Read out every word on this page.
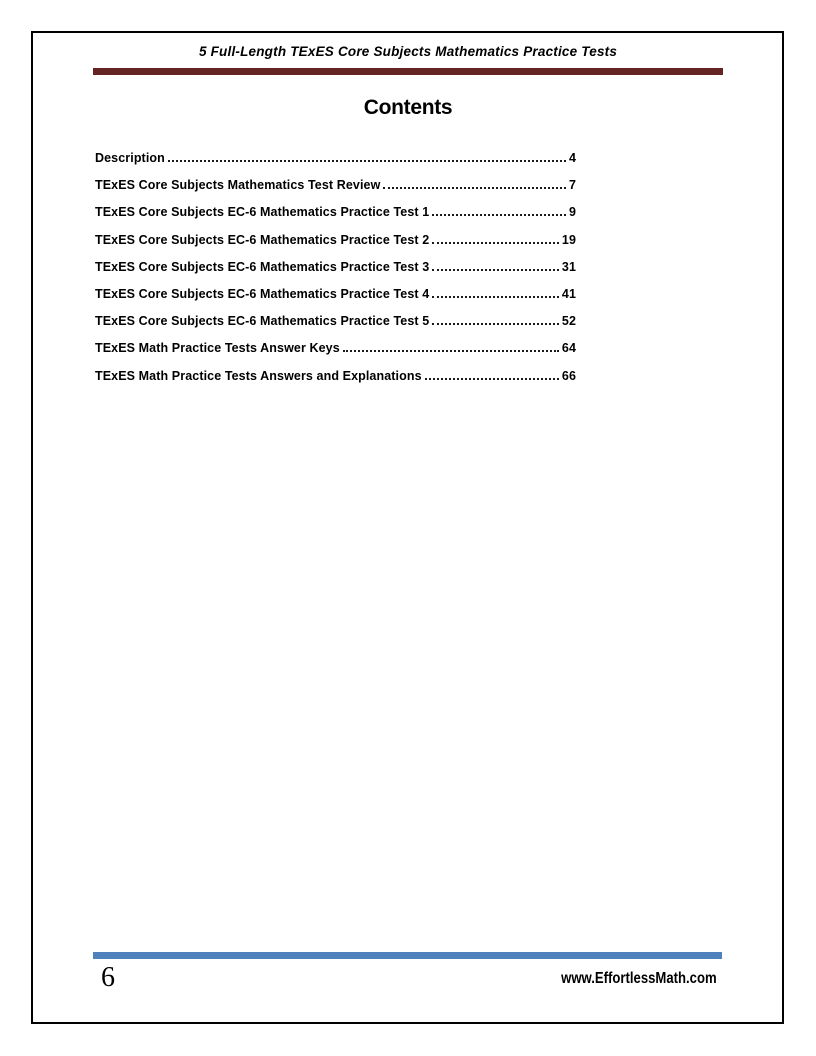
5 Full-Length TExES Core Subjects Mathematics Practice Tests
Contents
Description	4
TExES Core Subjects Mathematics Test Review	7
TExES Core Subjects EC-6 Mathematics Practice Test 1	9
TExES Core Subjects EC-6 Mathematics Practice Test 2	19
TExES Core Subjects EC-6 Mathematics Practice Test 3	31
TExES Core Subjects EC-6 Mathematics Practice Test 4	41
TExES Core Subjects EC-6 Mathematics Practice Test 5	52
TExES Math Practice Tests Answer Keys	64
TExES Math Practice Tests Answers and Explanations	66
6	www.EffortlessMath.com
